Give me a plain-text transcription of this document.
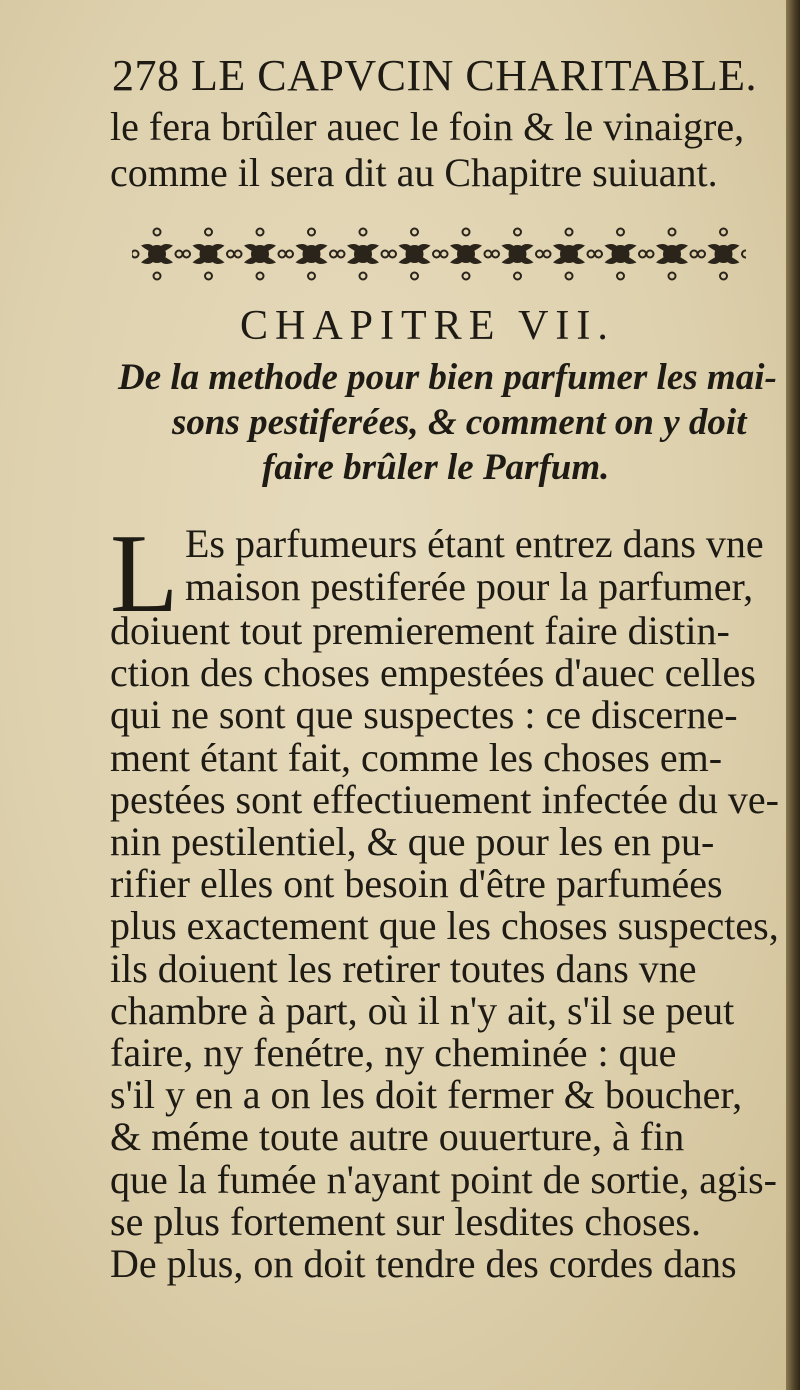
278 LE CAPVCIN CHARITABLE.
le fera brûler auec le foin & le vinaigre,
comme il sera dit au Chapitre suiuant.
CHAPITRE VII.
De la methode pour bien parfumer les mai-
sons pestiferées, & comment on y doit
faire brûler le Parfum.
L Es parfumeurs étant entrez dans vne
maison pestiferée pour la parfumer,
doiuent tout premierement faire distin-
ction des choses empestées d'auec celles
qui ne sont que suspectes : ce discerne-
ment étant fait, comme les choses em-
pestées sont effectiuement infectée du ve-
nin pestilentiel, & que pour les en pu-
rifier elles ont besoin d'être parfumées
plus exactement que les choses suspectes,
ils doiuent les retirer toutes dans vne
chambre à part, où il n'y ait, s'il se peut
faire, ny fenétre, ny cheminée : que
s'il y en a on les doit fermer & boucher,
& méme toute autre ouuerture, à fin
que la fumée n'ayant point de sortie, agis-
se plus fortement sur lesdites choses.
De plus, on doit tendre des cordes dans
